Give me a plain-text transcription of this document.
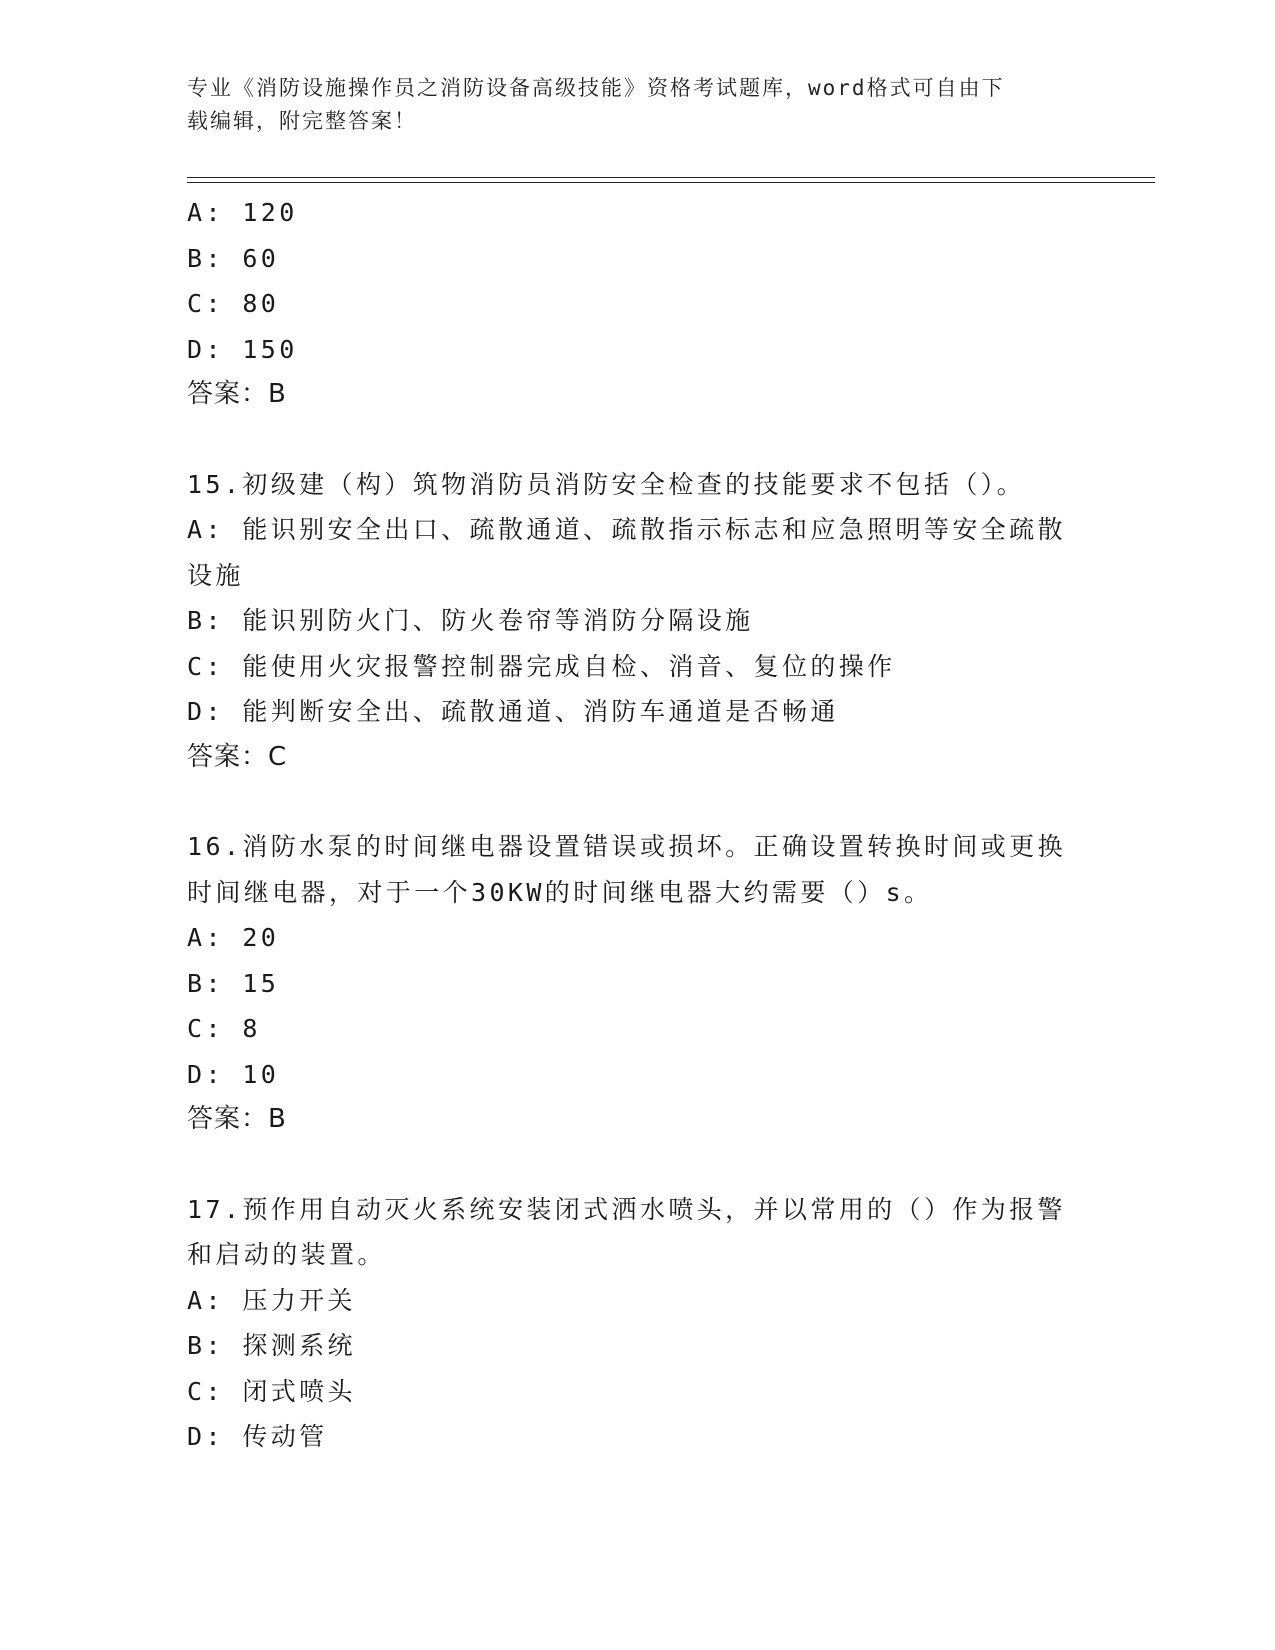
专业《消防设施操作员之消防设备高级技能》资格考试题库，word格式可自由下
载编辑，附完整答案！
A: 120
B: 60
C: 80
D: 150
答案：B
15.初级建（构）筑物消防员消防安全检查的技能要求不包括（）。
A: 能识别安全出口、疏散通道、疏散指示标志和应急照明等安全疏散
设施
B: 能识别防火门、防火卷帘等消防分隔设施
C: 能使用火灾报警控制器完成自检、消音、复位的操作
D: 能判断安全出、疏散通道、消防车通道是否畅通
答案：C
16.消防水泵的时间继电器设置错误或损坏。正确设置转换时间或更换
时间继电器，对于一个30KW的时间继电器大约需要（）s。
A: 20
B: 15
C: 8
D: 10
答案：B
17.预作用自动灭火系统安装闭式洒水喷头，并以常用的（）作为报警
和启动的装置。
A: 压力开关
B: 探测系统
C: 闭式喷头
D: 传动管
